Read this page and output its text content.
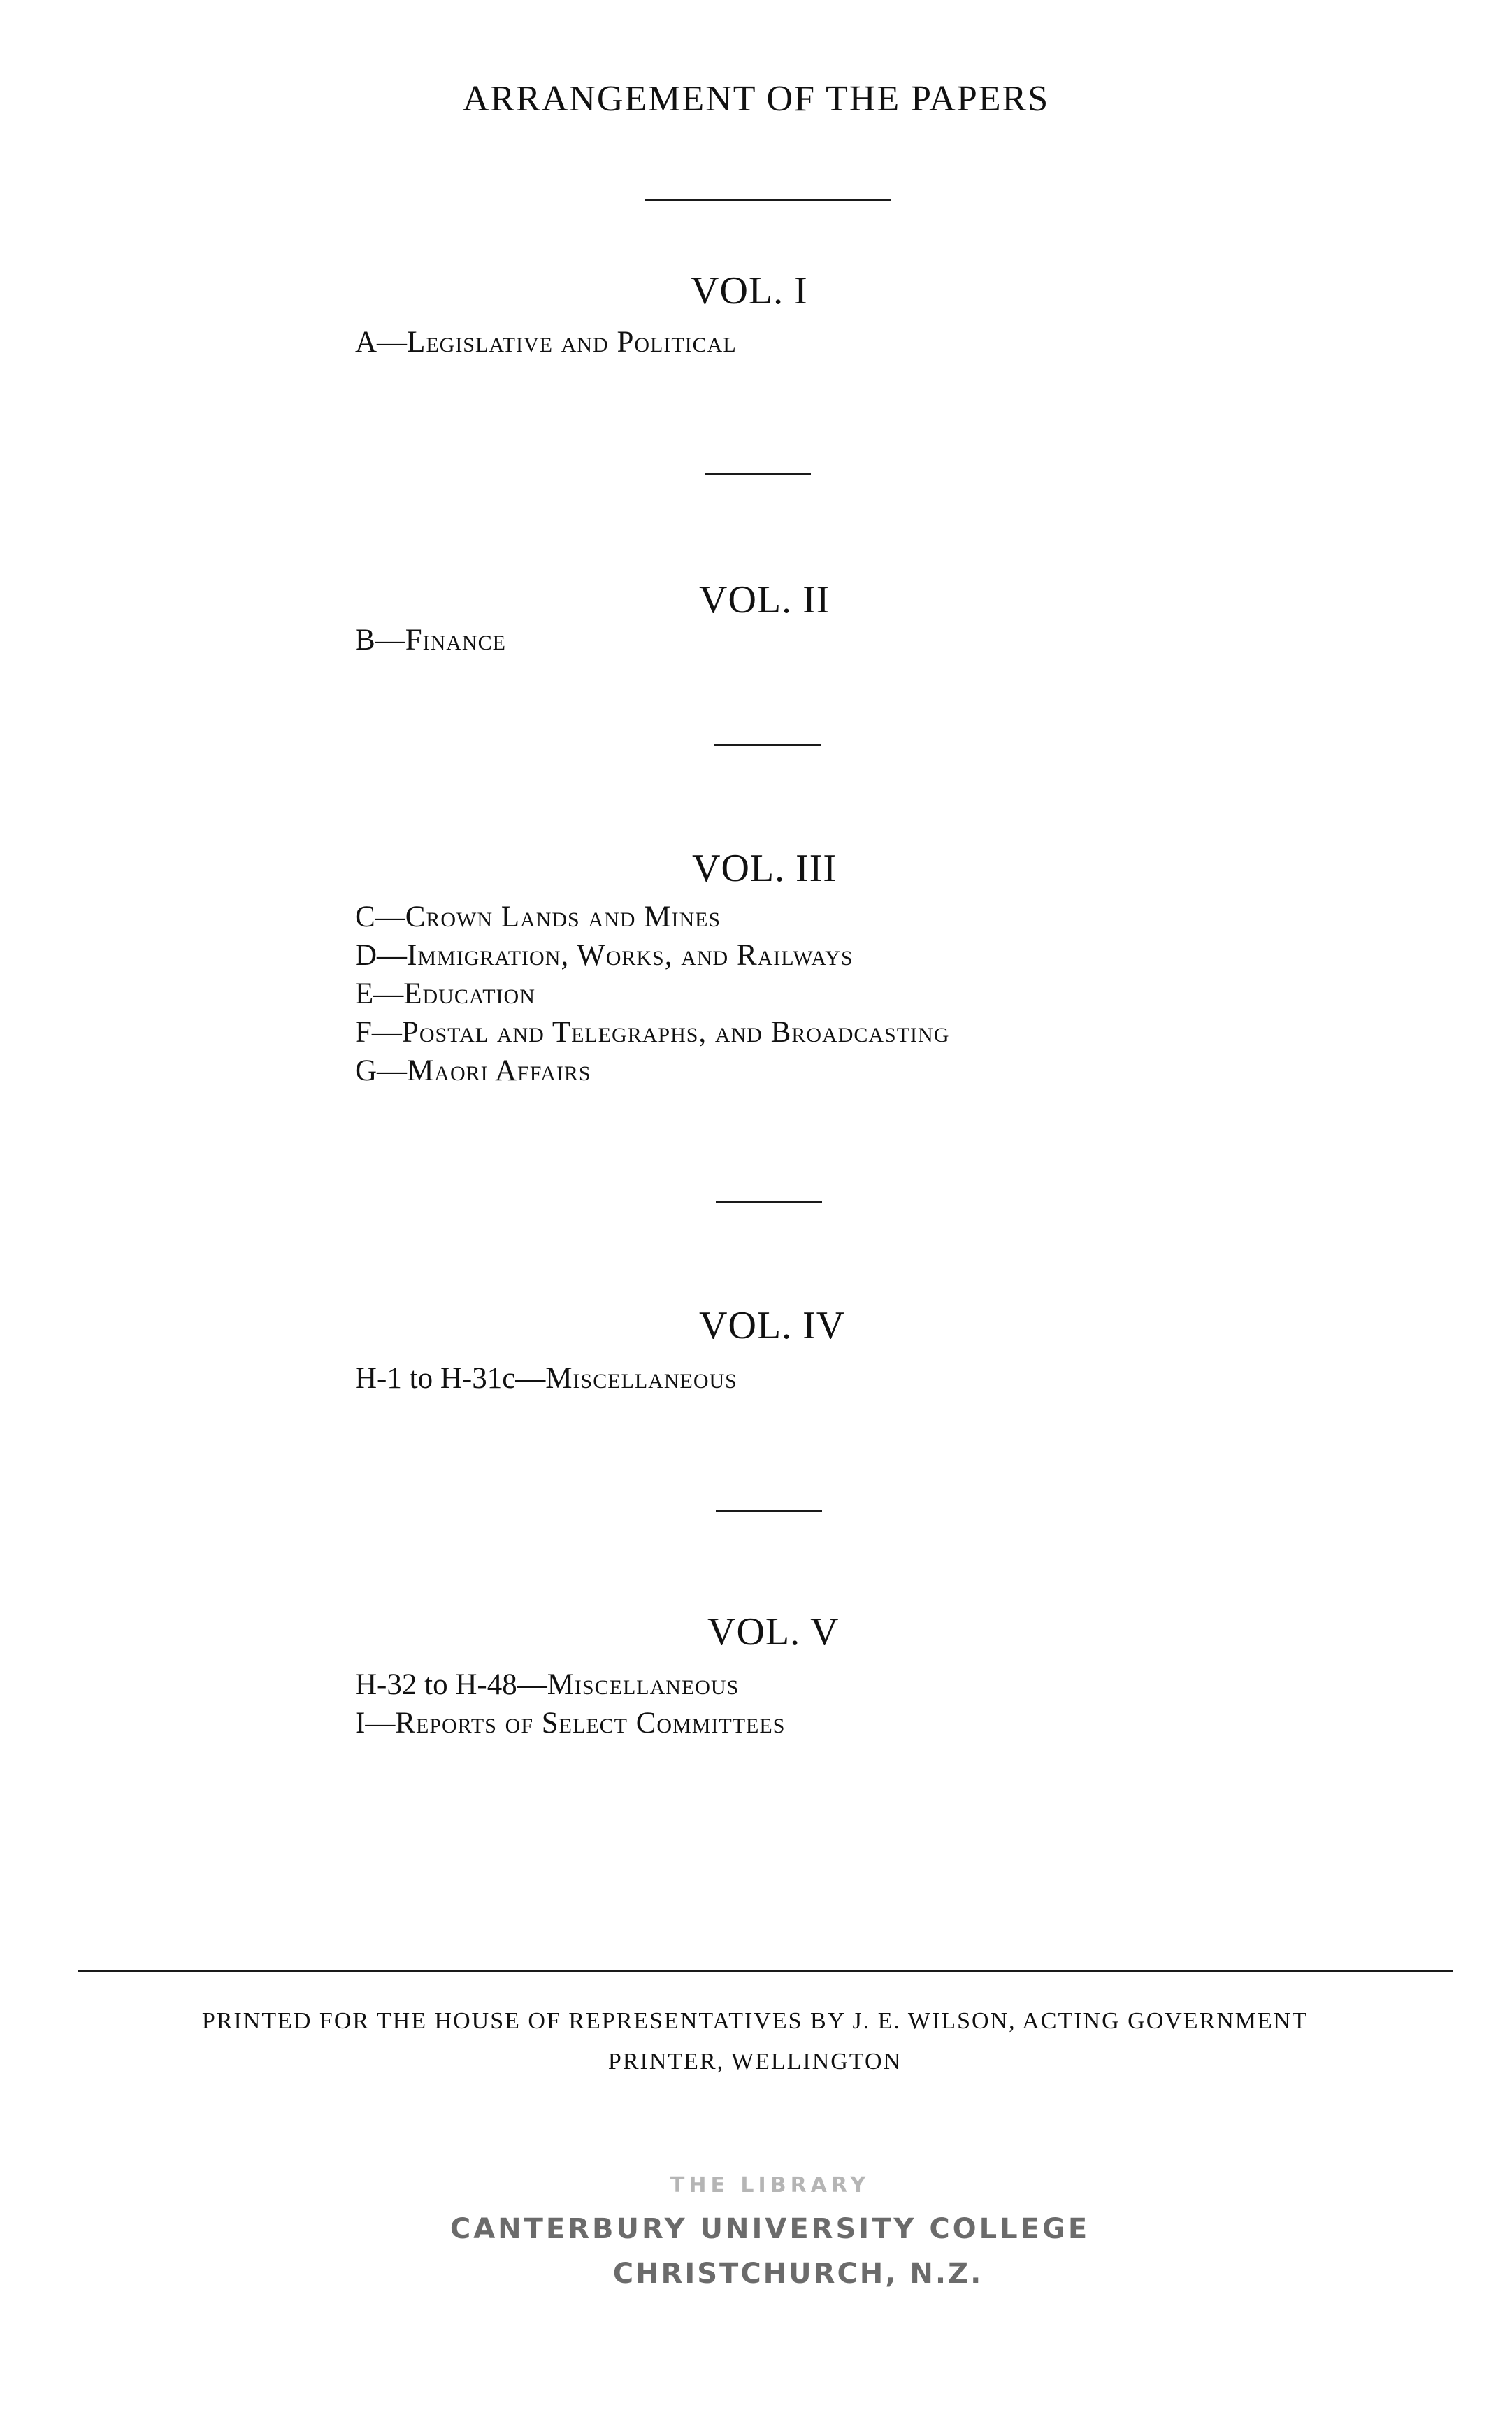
ARRANGEMENT OF THE PAPERS
VOL. I
A—Legislative and Political
VOL. II
B—Finance
VOL. III
C—Crown Lands and Mines
D—Immigration, Works, and Railways
E—Education
F—Postal and Telegraphs, and Broadcasting
G—Maori Affairs
VOL. IV
H-1 to H-31c—Miscellaneous
VOL. V
H-32 to H-48—Miscellaneous
I—Reports of Select Committees
PRINTED FOR THE HOUSE OF REPRESENTATIVES BY J. E. WILSON, ACTING GOVERNMENT
PRINTER, WELLINGTON
THE LIBRARY
CANTERBURY UNIVERSITY COLLEGE
CHRISTCHURCH, N.Z.
